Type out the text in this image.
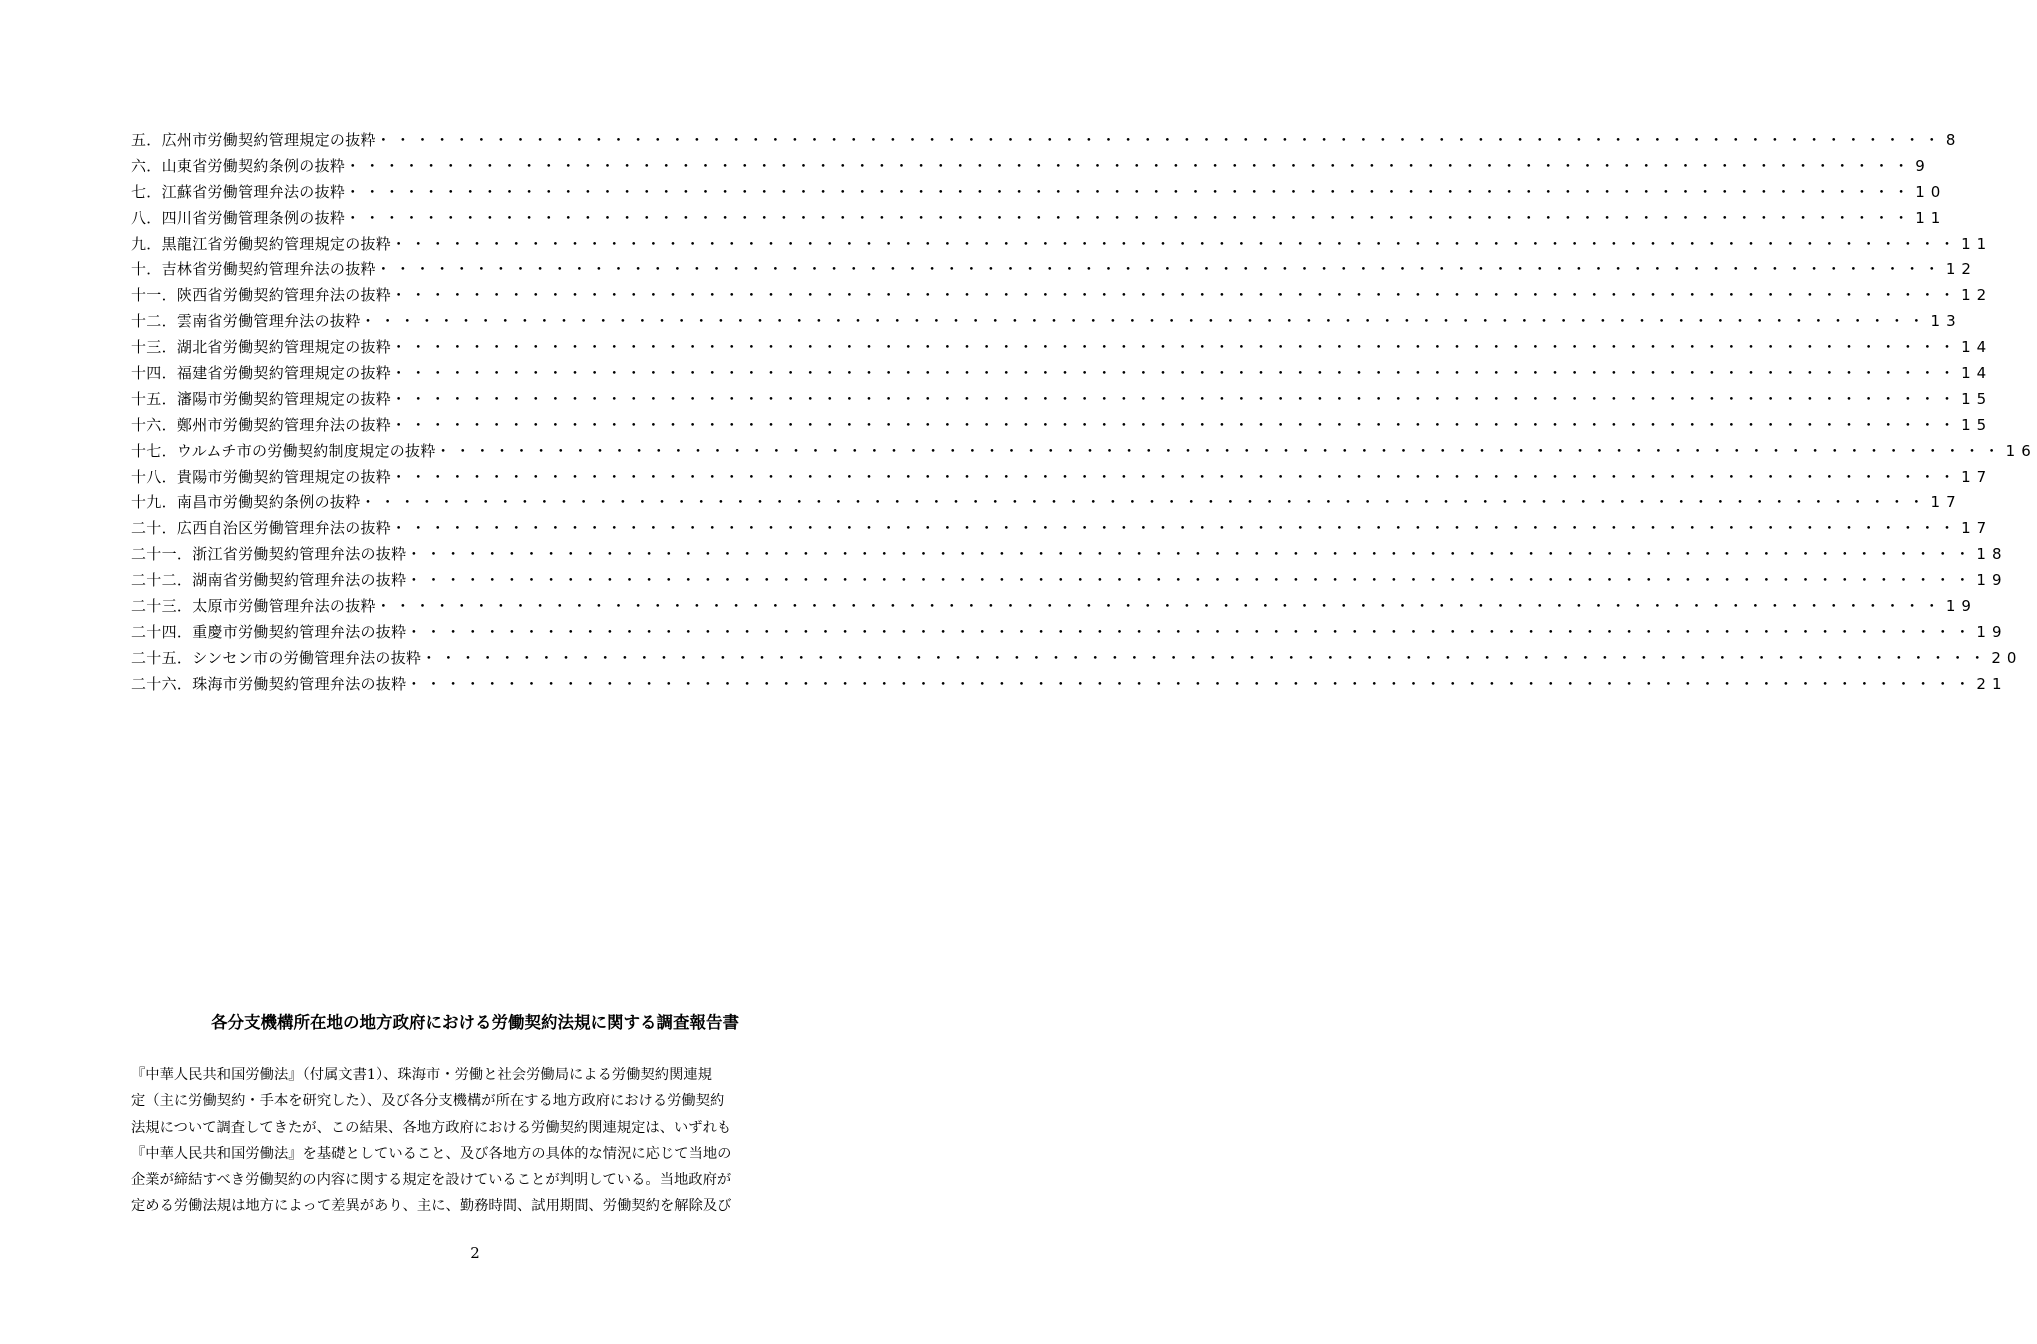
五．広州市労働契約管理規定の抜粋 ・・・・・・・・・・・・・・・・・・・・・・・・・・・・・・・・・・・・・・・・・・・・・・・・・・・・・・・・・・・・・・・・・・・・・・・・・・・・・・・・ 8
六．山東省労働契約条例の抜粋 ・・・・・・・・・・・・・・・・・・・・・・・・・・・・・・・・・・・・・・・・・・・・・・・・・・・・・・・・・・・・・・・・・・・・・・・・・・・・・・・・ 9
七．江蘇省労働管理弁法の抜粋 ・・・・・・・・・・・・・・・・・・・・・・・・・・・・・・・・・・・・・・・・・・・・・・・・・・・・・・・・・・・・・・・・・・・・・・・・・・・・・・・・ 10
八．四川省労働管理条例の抜粋 ・・・・・・・・・・・・・・・・・・・・・・・・・・・・・・・・・・・・・・・・・・・・・・・・・・・・・・・・・・・・・・・・・・・・・・・・・・・・・・・・ 11
九．黒龍江省労働契約管理規定の抜粋 ・・・・・・・・・・・・・・・・・・・・・・・・・・・・・・・・・・・・・・・・・・・・・・・・・・・・・・・・・・・・・・・・・・・・・・・・・・・・・・・・ 11
十．吉林省労働契約管理弁法の抜粋 ・・・・・・・・・・・・・・・・・・・・・・・・・・・・・・・・・・・・・・・・・・・・・・・・・・・・・・・・・・・・・・・・・・・・・・・・・・・・・・・・ 12
十一．陝西省労働契約管理弁法の抜粋 ・・・・・・・・・・・・・・・・・・・・・・・・・・・・・・・・・・・・・・・・・・・・・・・・・・・・・・・・・・・・・・・・・・・・・・・・・・・・・・・・ 12
十二．雲南省労働管理弁法の抜粋 ・・・・・・・・・・・・・・・・・・・・・・・・・・・・・・・・・・・・・・・・・・・・・・・・・・・・・・・・・・・・・・・・・・・・・・・・・・・・・・・・ 13
十三．湖北省労働契約管理規定の抜粋 ・・・・・・・・・・・・・・・・・・・・・・・・・・・・・・・・・・・・・・・・・・・・・・・・・・・・・・・・・・・・・・・・・・・・・・・・・・・・・・・・ 14
十四．福建省労働契約管理規定の抜粋 ・・・・・・・・・・・・・・・・・・・・・・・・・・・・・・・・・・・・・・・・・・・・・・・・・・・・・・・・・・・・・・・・・・・・・・・・・・・・・・・・ 14
十五．瀋陽市労働契約管理規定の抜粋 ・・・・・・・・・・・・・・・・・・・・・・・・・・・・・・・・・・・・・・・・・・・・・・・・・・・・・・・・・・・・・・・・・・・・・・・・・・・・・・・・ 15
十六．鄭州市労働契約管理弁法の抜粋 ・・・・・・・・・・・・・・・・・・・・・・・・・・・・・・・・・・・・・・・・・・・・・・・・・・・・・・・・・・・・・・・・・・・・・・・・・・・・・・・・ 15
十七．ウルムチ市の労働契約制度規定の抜粋 ・・・・・・・・・・・・・・・・・・・・・・・・・・・・・・・・・・・・・・・・・・・・・・・・・・・・・・・・・・・・・・・・・・・・・・・・・・・・・・・・ 16
十八．貴陽市労働契約管理規定の抜粋 ・・・・・・・・・・・・・・・・・・・・・・・・・・・・・・・・・・・・・・・・・・・・・・・・・・・・・・・・・・・・・・・・・・・・・・・・・・・・・・・・ 17
十九．南昌市労働契約条例の抜粋 ・・・・・・・・・・・・・・・・・・・・・・・・・・・・・・・・・・・・・・・・・・・・・・・・・・・・・・・・・・・・・・・・・・・・・・・・・・・・・・・・ 17
二十．広西自治区労働管理弁法の抜粋 ・・・・・・・・・・・・・・・・・・・・・・・・・・・・・・・・・・・・・・・・・・・・・・・・・・・・・・・・・・・・・・・・・・・・・・・・・・・・・・・・ 17
二十一．浙江省労働契約管理弁法の抜粋 ・・・・・・・・・・・・・・・・・・・・・・・・・・・・・・・・・・・・・・・・・・・・・・・・・・・・・・・・・・・・・・・・・・・・・・・・・・・・・・・・ 18
二十二．湖南省労働契約管理弁法の抜粋 ・・・・・・・・・・・・・・・・・・・・・・・・・・・・・・・・・・・・・・・・・・・・・・・・・・・・・・・・・・・・・・・・・・・・・・・・・・・・・・・・ 19
二十三．太原市労働管理弁法の抜粋 ・・・・・・・・・・・・・・・・・・・・・・・・・・・・・・・・・・・・・・・・・・・・・・・・・・・・・・・・・・・・・・・・・・・・・・・・・・・・・・・・ 19
二十四．重慶市労働契約管理弁法の抜粋 ・・・・・・・・・・・・・・・・・・・・・・・・・・・・・・・・・・・・・・・・・・・・・・・・・・・・・・・・・・・・・・・・・・・・・・・・・・・・・・・・ 19
二十五．シンセン市の労働管理弁法の抜粋 ・・・・・・・・・・・・・・・・・・・・・・・・・・・・・・・・・・・・・・・・・・・・・・・・・・・・・・・・・・・・・・・・・・・・・・・・・・・・・・・・ 20
二十六．珠海市労働契約管理弁法の抜粋 ・・・・・・・・・・・・・・・・・・・・・・・・・・・・・・・・・・・・・・・・・・・・・・・・・・・・・・・・・・・・・・・・・・・・・・・・・・・・・・・・ 21
各分支機構所在地の地方政府における労働契約法規に関する調査報告書
『中華人民共和国労働法』（付属文書1）、珠海市・労働と社会労働局による労働契約関連規
定（主に労働契約・手本を研究した）、及び各分支機構が所在する地方政府における労働契約
法規について調査してきたが、この結果、各地方政府における労働契約関連規定は、いずれも
『中華人民共和国労働法』を基礎としていること、及び各地方の具体的な情況に応じて当地の
企業が締結すべき労働契約の内容に関する規定を設けていることが判明している。当地政府が
定める労働法規は地方によって差異があり、主に、勤務時間、試用期間、労働契約を解除及び
2
